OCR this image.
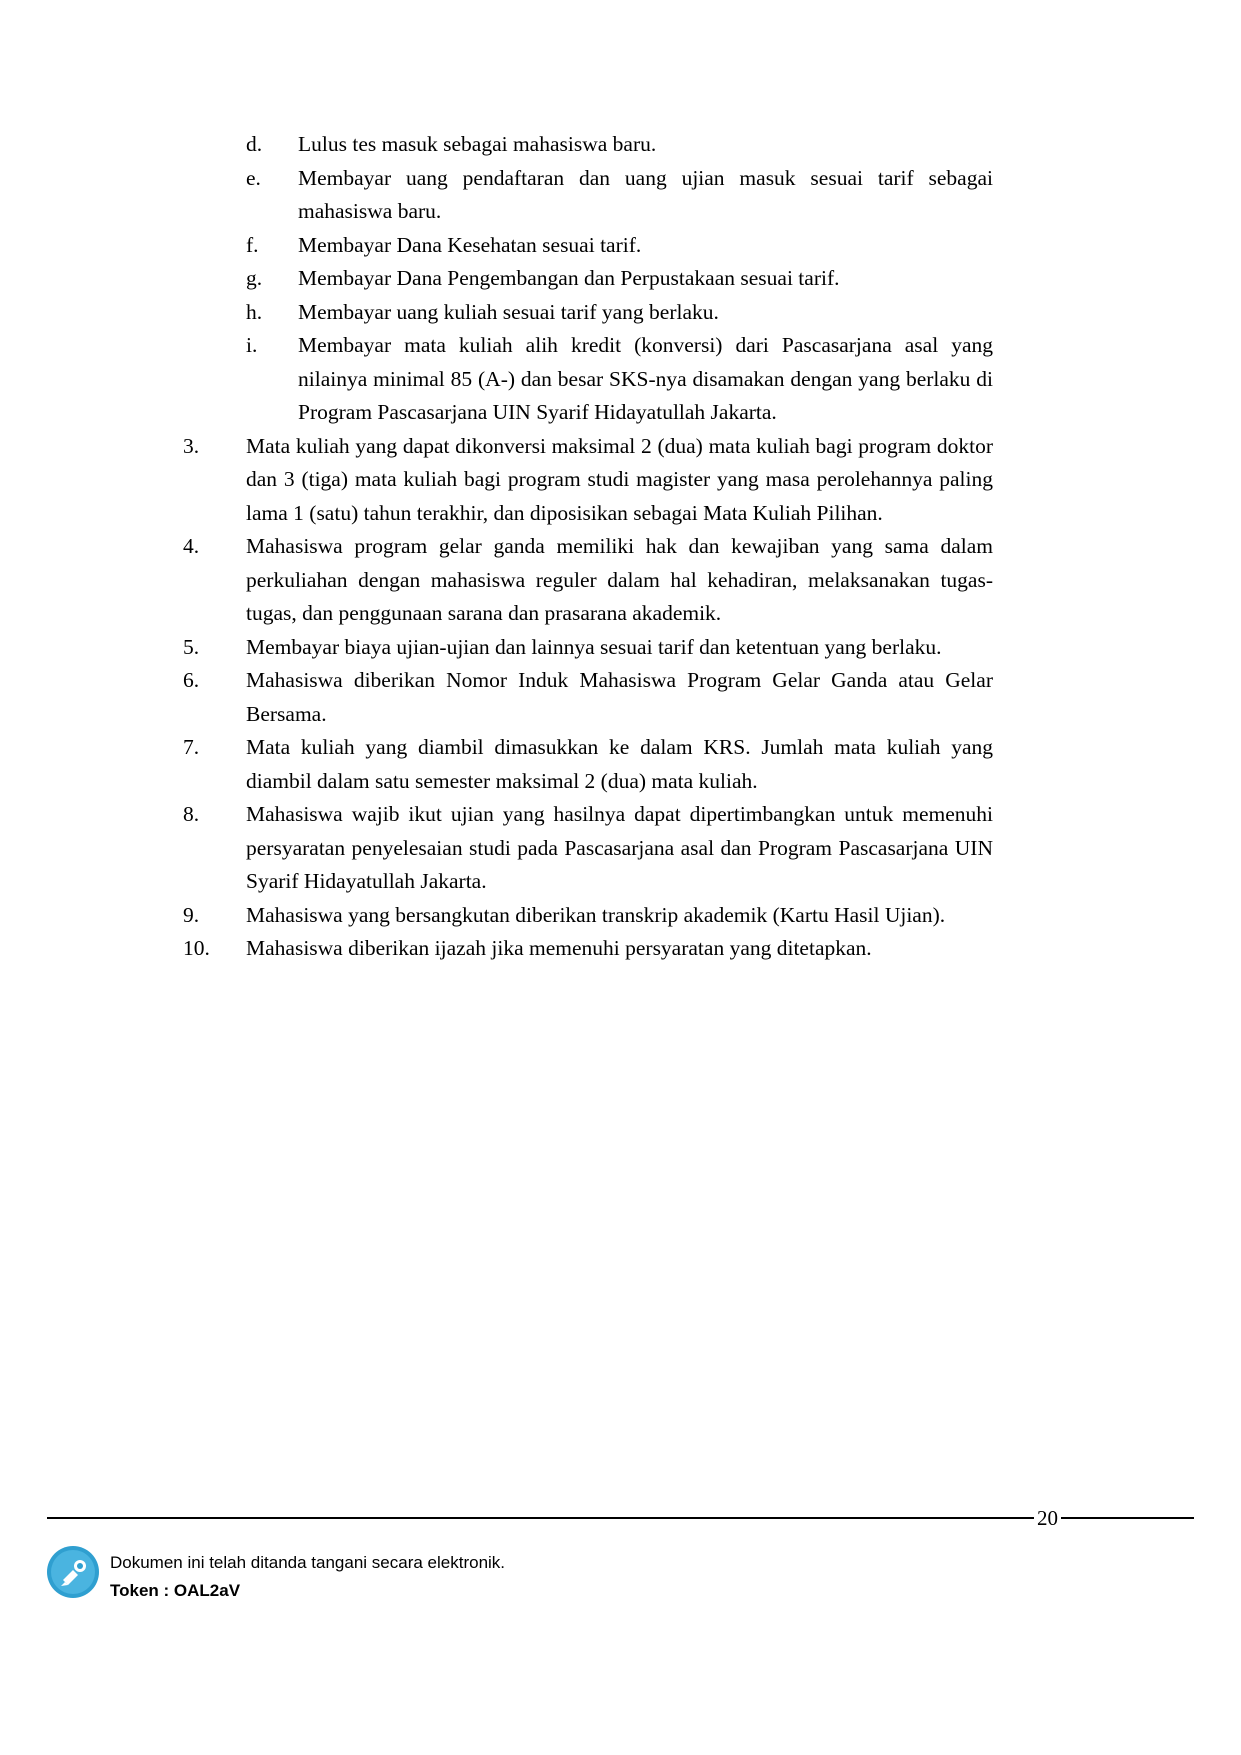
d.	Lulus tes masuk sebagai mahasiswa baru.
e.	Membayar uang pendaftaran dan uang ujian masuk sesuai tarif sebagai mahasiswa baru.
f.	Membayar Dana Kesehatan sesuai tarif.
g.	Membayar Dana Pengembangan dan Perpustakaan sesuai tarif.
h.	Membayar uang kuliah sesuai tarif yang berlaku.
i.	Membayar mata kuliah alih kredit (konversi) dari Pascasarjana asal yang nilainya minimal 85 (A-) dan besar SKS-nya disamakan dengan yang berlaku di Program Pascasarjana UIN Syarif Hidayatullah Jakarta.
3.	Mata kuliah yang dapat dikonversi maksimal 2 (dua) mata kuliah bagi program doktor dan 3 (tiga) mata kuliah bagi program studi magister yang masa perolehannya paling lama 1 (satu) tahun terakhir, dan diposisikan sebagai Mata Kuliah Pilihan.
4.	Mahasiswa program gelar ganda memiliki hak dan kewajiban yang sama dalam perkuliahan dengan mahasiswa reguler dalam hal kehadiran, melaksanakan tugas-tugas, dan penggunaan sarana dan prasarana akademik.
5.	Membayar biaya ujian-ujian dan lainnya sesuai tarif dan ketentuan yang berlaku.
6.	Mahasiswa diberikan Nomor Induk Mahasiswa Program Gelar Ganda atau Gelar Bersama.
7.	Mata kuliah yang diambil dimasukkan ke dalam KRS. Jumlah mata kuliah yang diambil dalam satu semester maksimal 2 (dua) mata kuliah.
8.	Mahasiswa wajib ikut ujian yang hasilnya dapat dipertimbangkan untuk memenuhi persyaratan penyelesaian studi pada Pascasarjana asal dan Program Pascasarjana UIN Syarif Hidayatullah Jakarta.
9.	Mahasiswa yang bersangkutan diberikan transkrip akademik (Kartu Hasil Ujian).
10.	Mahasiswa diberikan ijazah jika memenuhi persyaratan yang ditetapkan.
20
Dokumen ini telah ditanda tangani secara elektronik.
Token : OAL2aV
